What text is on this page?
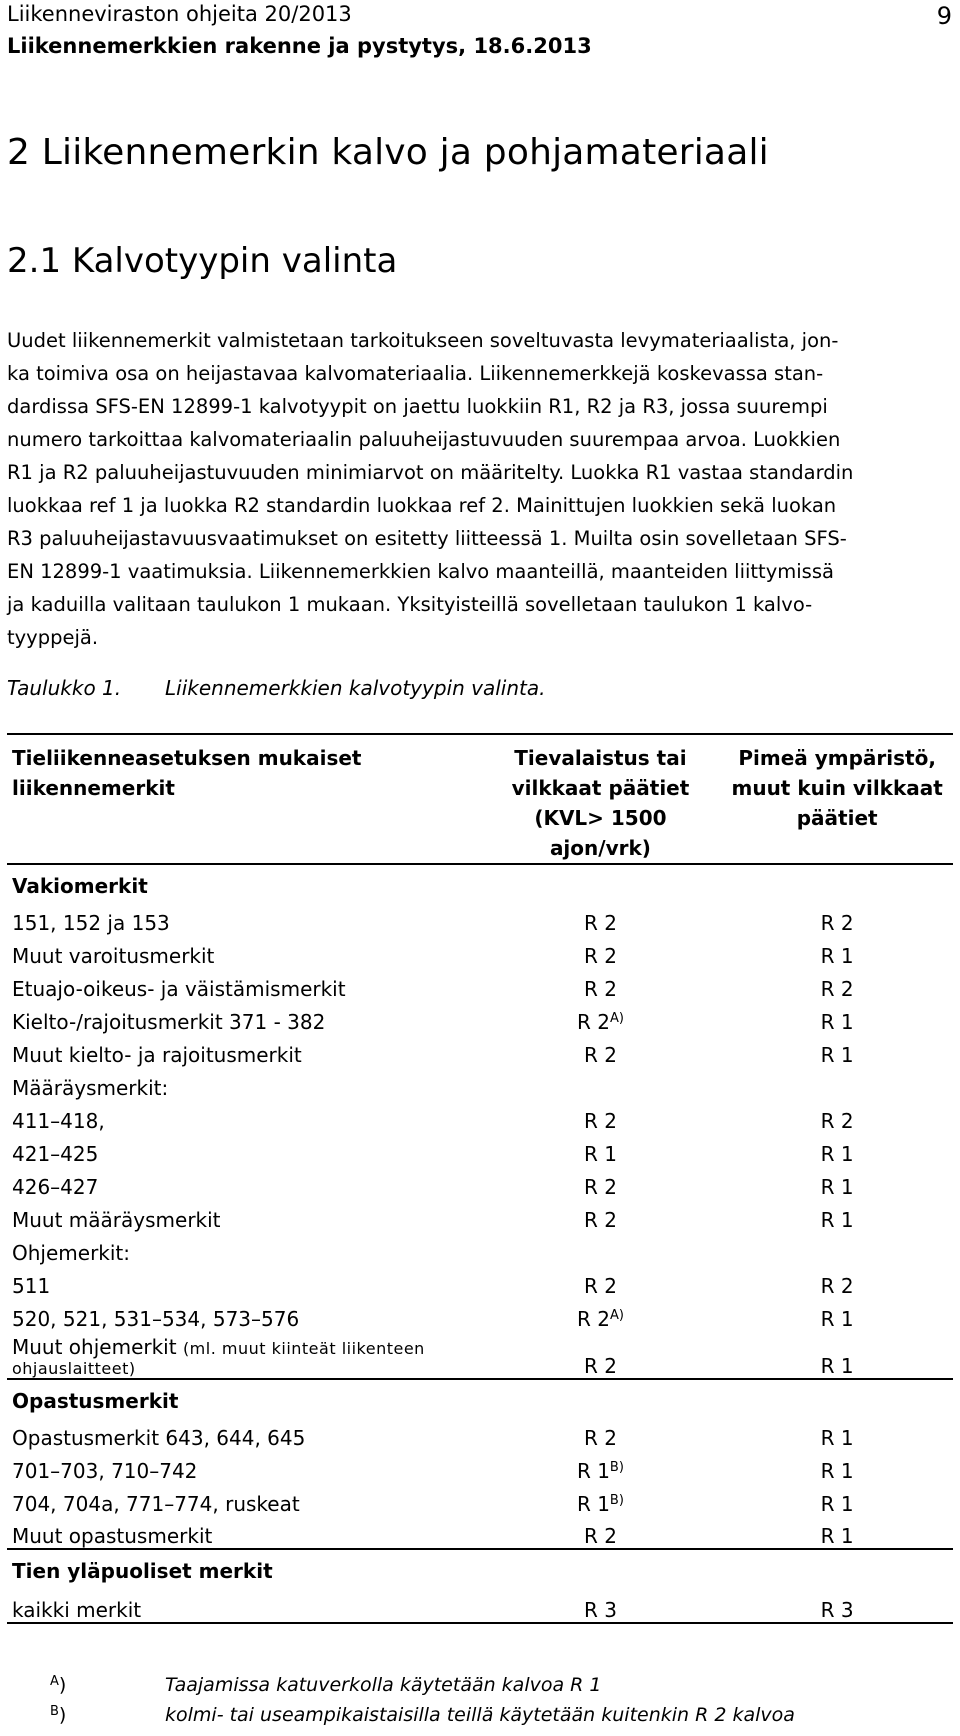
Liikenneviraston ohjeita 20/2013
Liikennemerkkien rakenne ja pystytys, 18.6.2013
9
2 Liikennemerkin kalvo ja pohjamateriaali
2.1 Kalvotyypin valinta
Uudet liikennemerkit valmistetaan tarkoitukseen soveltuvasta levymateriaalista, jon-
ka toimiva osa on heijastavaa kalvomateriaalia. Liikennemerkkejä koskevassa stan-
dardissa SFS-EN 12899-1 kalvotyypit on jaettu luokkiin R1, R2 ja R3, jossa suurempi
numero tarkoittaa kalvomateriaalin paluuheijastuvuuden suurempaa arvoa. Luokkien
R1 ja R2 paluuheijastuvuuden minimiarvot on määritelty. Luokka R1 vastaa standardin
luokkaa ref 1 ja luokka R2 standardin luokkaa ref 2. Mainittujen luokkien sekä luokan
R3 paluuheijastavuusvaatimukset on esitetty liitteessä 1. Muilta osin sovelletaan SFS-
EN 12899-1 vaatimuksia. Liikennemerkkien kalvo maanteillä, maanteiden liittymissä
ja kaduilla valitaan taulukon 1 mukaan. Yksityisteillä sovelletaan taulukon 1 kalvo-
tyyppejä.
Taulukko 1. Liikennemerkkien kalvotyypin valinta.
Tieliikenneasetuksen mukaiset liikennemerkit	Tievalaistus tai vilkkaat päätiet (KVL> 1500 ajon/vrk)	Pimeä ympäristö, muut kuin vilkkaat päätiet
Vakiomerkit		
151, 152 ja 153	R 2	R 2
Muut varoitusmerkit	R 2	R 1
Etuajo-oikeus- ja väistämismerkit	R 2	R 2
Kielto-/rajoitusmerkit 371 - 382	R $2^{A)}$	R 1
Muut kielto- ja rajoitusmerkit	R 2	R 1
Määräysmerkit:		
411–418,	R 2	R 2
421–425	R 1	R 1
426–427	R 2	R 1
Muut määräysmerkit	R 2	R 1
Ohjemerkit:		
511	R 2	R 2
520, 521, 531–534, 573–576	R $2^{A)}$	R 1

Muut ohjemerkit (ml. muut kiinteät liikenteen
ohjauslaitteet)	R 2	R 1
Opastusmerkit		
Opastusmerkit 643, 644, 645	R 2	R 1
701–703, 710–742	R $1^{B)}$	R 1
704, 704a, 771–774, ruskeat	R $1^{B)}$	R 1
Muut opastusmerkit	R 2	R 1
Tien yläpuoliset merkit		
kaikki merkit	R 3	R 3
$^A$)	Taajamissa katuverkolla käytetään kalvoa R 1
$^B$)	kolmi- tai useampikaistaisilla teillä käytetään kuitenkin R 2 kalvoa
